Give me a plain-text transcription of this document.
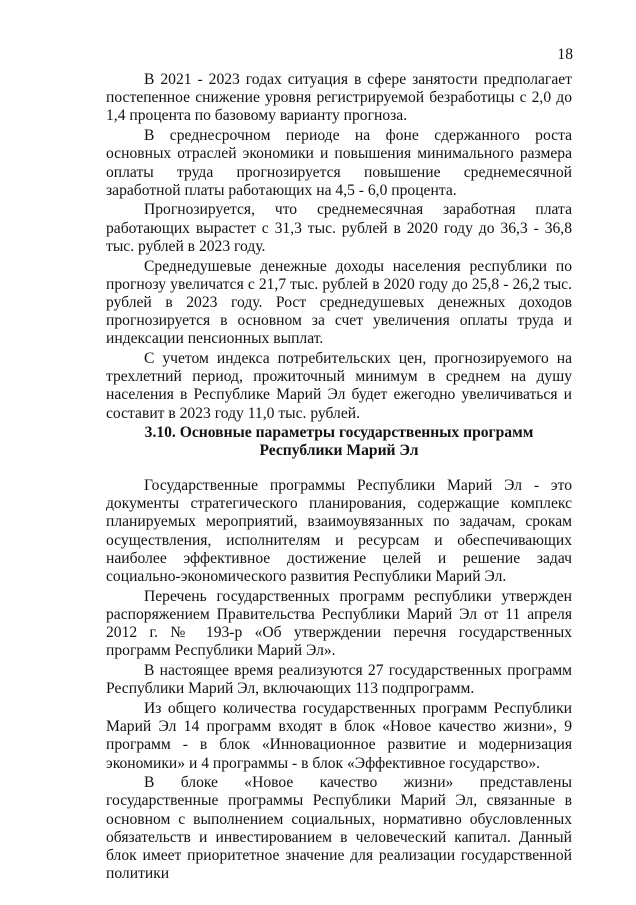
18

В 2021 - 2023 годах ситуация в сфере занятости предполагает постепенное снижение уровня регистрируемой безработицы с 2,0 до 1,4 процента по базовому варианту прогноза.

В среднесрочном периоде на фоне сдержанного роста основных отраслей экономики и повышения минимального размера оплаты труда прогнозируется повышение среднемесячной заработной платы работающих на 4,5 - 6,0 процента.

Прогнозируется, что среднемесячная заработная плата работающих вырастет с 31,3 тыс. рублей в 2020 году до 36,3 - 36,8 тыс. рублей в 2023 году.

Среднедушевые денежные доходы населения республики по прогнозу увеличатся с 21,7 тыс. рублей в 2020 году до 25,8 - 26,2 тыс. рублей в 2023 году. Рост среднедушевых денежных доходов прогнозируется в основном за счет увеличения оплаты труда и индексации пенсионных выплат.

С учетом индекса потребительских цен, прогнозируемого на трехлетний период, прожиточный минимум в среднем на душу населения в Республике Марий Эл будет ежегодно увеличиваться и составит в 2023 году 11,0 тыс. рублей.

3.10. Основные параметры государственных программ
Республики Марий Эл

Государственные программы Республики Марий Эл - это документы стратегического планирования, содержащие комплекс планируемых мероприятий, взаимоувязанных по задачам, срокам осуществления, исполнителям и ресурсам и обеспечивающих наиболее эффективное достижение целей и решение задач социально-экономического развития Республики Марий Эл.

Перечень государственных программ республики утвержден распоряжением Правительства Республики Марий Эл от 11 апреля 2012 г. № 193-р «Об утверждении перечня государственных программ Республики Марий Эл».

В настоящее время реализуются 27 государственных программ Республики Марий Эл, включающих 113 подпрограмм.

Из общего количества государственных программ Республики Марий Эл 14 программ входят в блок «Новое качество жизни», 9 программ - в блок «Инновационное развитие и модернизация экономики» и 4 программы - в блок «Эффективное государство».

В блоке «Новое качество жизни» представлены государственные программы Республики Марий Эл, связанные в основном с выполнением социальных, нормативно обусловленных обязательств и инвестированием в человеческий капитал. Данный блок имеет приоритетное значение для реализации государственной политики
